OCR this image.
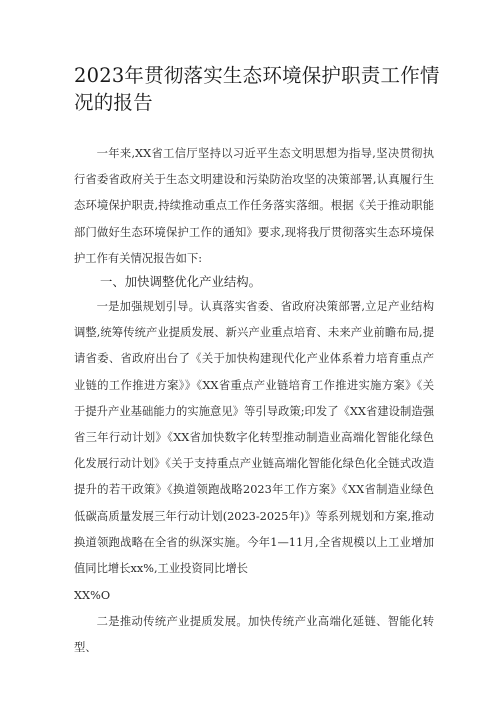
2023年贯彻落实生态环境保护职责工作情况的报告

一年来,XX省工信厅坚持以习近平生态文明思想为指导,坚决贯彻执行省委省政府关于生态文明建设和污染防治攻坚的决策部署,认真履行生态环境保护职责,持续推动重点工作任务落实落细。根据《关于推动职能部门做好生态环境保护工作的通知》要求,现将我厅贯彻落实生态环境保护工作有关情况报告如下:

一、加快调整优化产业结构。

一是加强规划引导。认真落实省委、省政府决策部署,立足产业结构调整,统筹传统产业提质发展、新兴产业重点培育、未来产业前瞻布局,提请省委、省政府出台了《关于加快构建现代化产业体系着力培育重点产业链的工作推进方案》》《XX省重点产业链培育工作推进实施方案》《关于提升产业基础能力的实施意见》等引导政策;印发了《XX省建设制造强省三年行动计划》《XX省加快数字化转型推动制造业高端化智能化绿色化发展行动计划》《关于支持重点产业链高端化智能化绿色化全链式改造提升的若干政策》《换道领跑战略2023年工作方案》《XX省制造业绿色低碳高质量发展三年行动计划(2023-2025年)》等系列规划和方案,推动换道领跑战略在全省的纵深实施。今年1—11月,全省规模以上工业增加值同比增长xx%,工业投资同比增长

XX%O

二是推动传统产业提质发展。加快传统产业高端化延链、智能化转型、
